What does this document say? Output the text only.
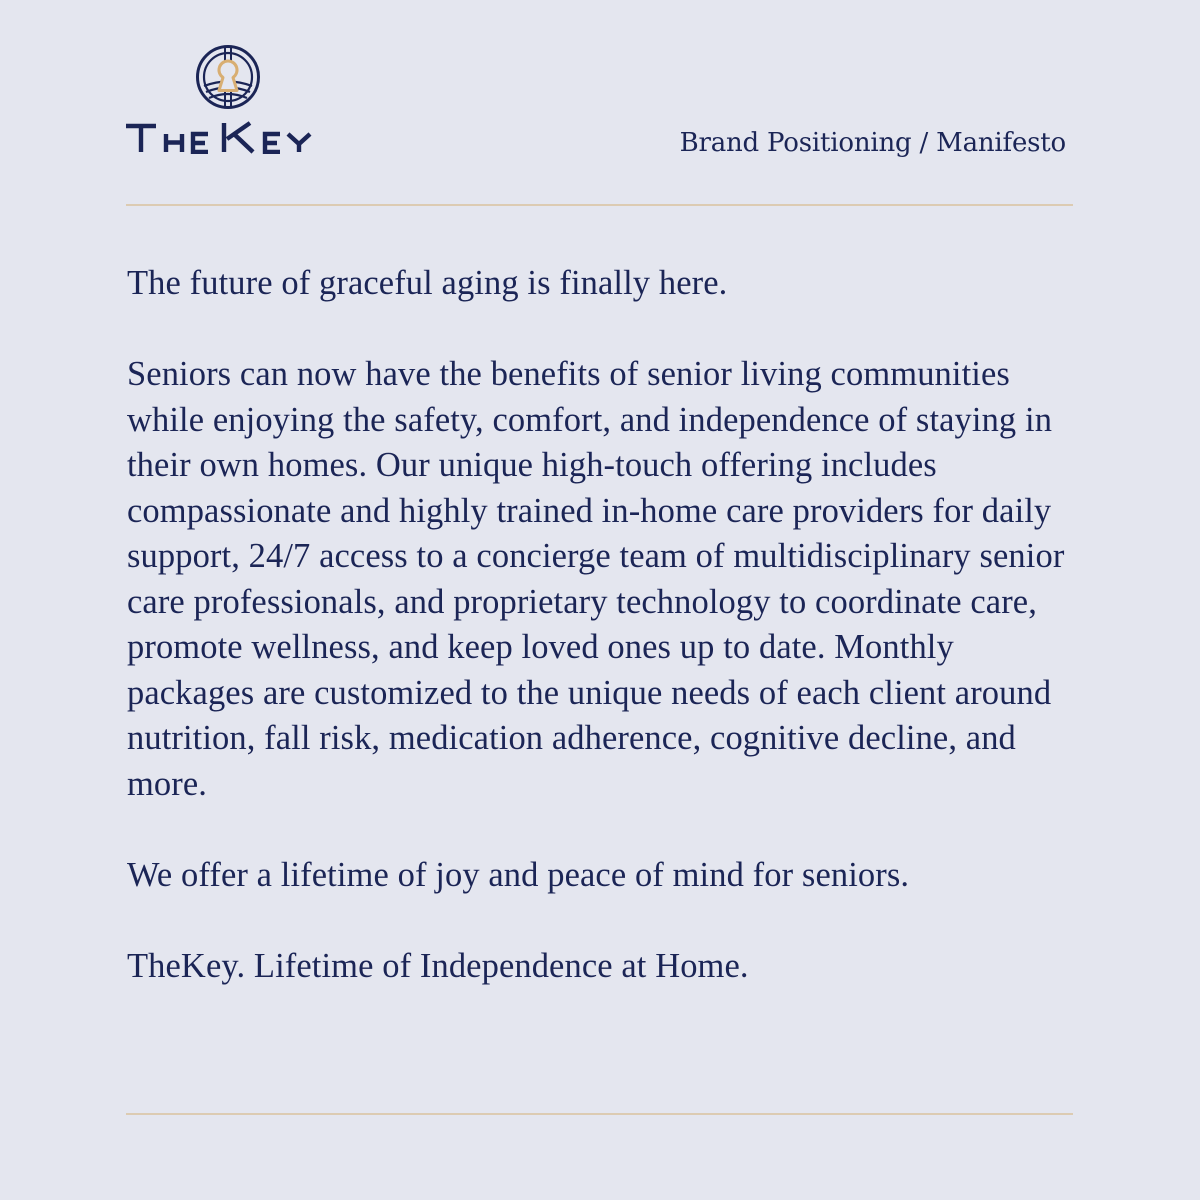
Brand Positioning / Manifesto

The future of graceful aging is finally here.

Seniors can now have the benefits of senior living communities while enjoying the safety, comfort, and independence of staying in their own homes. Our unique high-touch offering includes compassionate and highly trained in-home care providers for daily support, 24/7 access to a concierge team of multidisciplinary senior care professionals, and proprietary technology to coordinate care, promote wellness, and keep loved ones up to date. Monthly packages are customized to the unique needs of each client around nutrition, fall risk, medication adherence, cognitive decline, and more.

We offer a lifetime of joy and peace of mind for seniors.

TheKey. Lifetime of Independence at Home.
